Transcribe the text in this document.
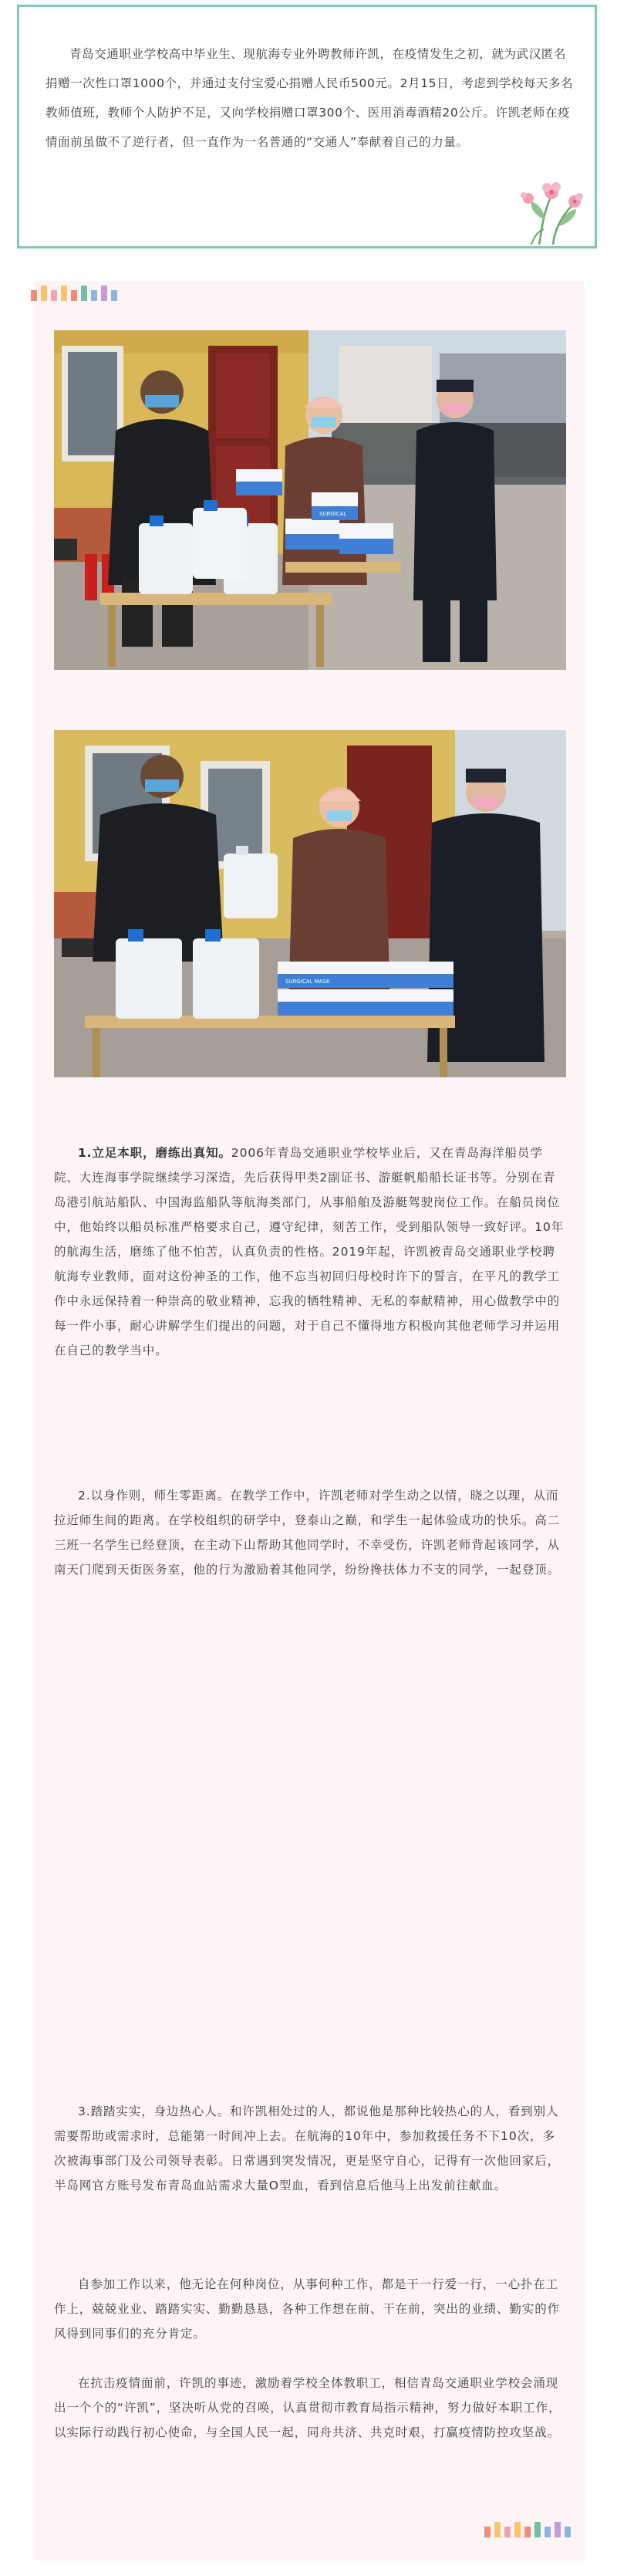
青岛交通职业学校高中毕业生、现航海专业外聘教师许凯，在疫情发生之初，就为武汉匿名捐赠一次性口罩1000个，并通过支付宝爱心捐赠人民币500元。2月15日，考虑到学校每天多名教师值班，教师个人防护不足，又向学校捐赠口罩300个、医用消毒酒精20公斤。许凯老师在疫情面前虽做不了逆行者，但一直作为一名普通的“交通人”奉献着自己的力量。

SURGICAL
SURGICAL MASK

1.立足本职，磨练出真知。2006年青岛交通职业学校毕业后，又在青岛海洋船员学院、大连海事学院继续学习深造，先后获得甲类2副证书、游艇帆船船长证书等。分别在青岛港引航站船队、中国海监船队等航海类部门，从事船舶及游艇驾驶岗位工作。在船员岗位中，他始终以船员标准严格要求自己，遵守纪律，刻苦工作，受到船队领导一致好评。10年的航海生活，磨练了他不怕苦，认真负责的性格。2019年起，许凯被青岛交通职业学校聘航海专业教师，面对这份神圣的工作，他不忘当初回归母校时许下的誓言，在平凡的教学工作中永远保持着一种崇高的敬业精神，忘我的牺牲精神、无私的奉献精神，用心做教学中的每一件小事，耐心讲解学生们提出的问题，对于自己不懂得地方积极向其他老师学习并运用在自己的教学当中。

2.以身作则，师生零距离。在教学工作中，许凯老师对学生动之以情，晓之以理，从而拉近师生间的距离。在学校组织的研学中，登泰山之巅，和学生一起体验成功的快乐。高二三班一名学生已经登顶，在主动下山帮助其他同学时，不幸受伤，许凯老师背起该同学，从南天门爬到天街医务室，他的行为激励着其他同学，纷纷搀扶体力不支的同学，一起登顶。

3.踏踏实实，身边热心人。和许凯相处过的人，都说他是那种比较热心的人，看到别人需要帮助或需求时，总能第一时间冲上去。在航海的10年中，参加救援任务不下10次，多次被海事部门及公司领导表彰。日常遇到突发情况，更是坚守自心，记得有一次他回家后，半岛网官方账号发布青岛血站需求大量O型血，看到信息后他马上出发前往献血。

自参加工作以来，他无论在何种岗位，从事何种工作，都是干一行爱一行，一心扑在工作上，兢兢业业、踏踏实实、勤勤恳恳，各种工作想在前、干在前，突出的业绩、勤实的作风得到同事们的充分肯定。

在抗击疫情面前，许凯的事迹，激励着学校全体教职工，相信青岛交通职业学校会涌现出一个个的“许凯”，坚决听从党的召唤，认真贯彻市教育局指示精神，努力做好本职工作，以实际行动践行初心使命，与全国人民一起，同舟共济、共克时艰，打赢疫情防控攻坚战。
